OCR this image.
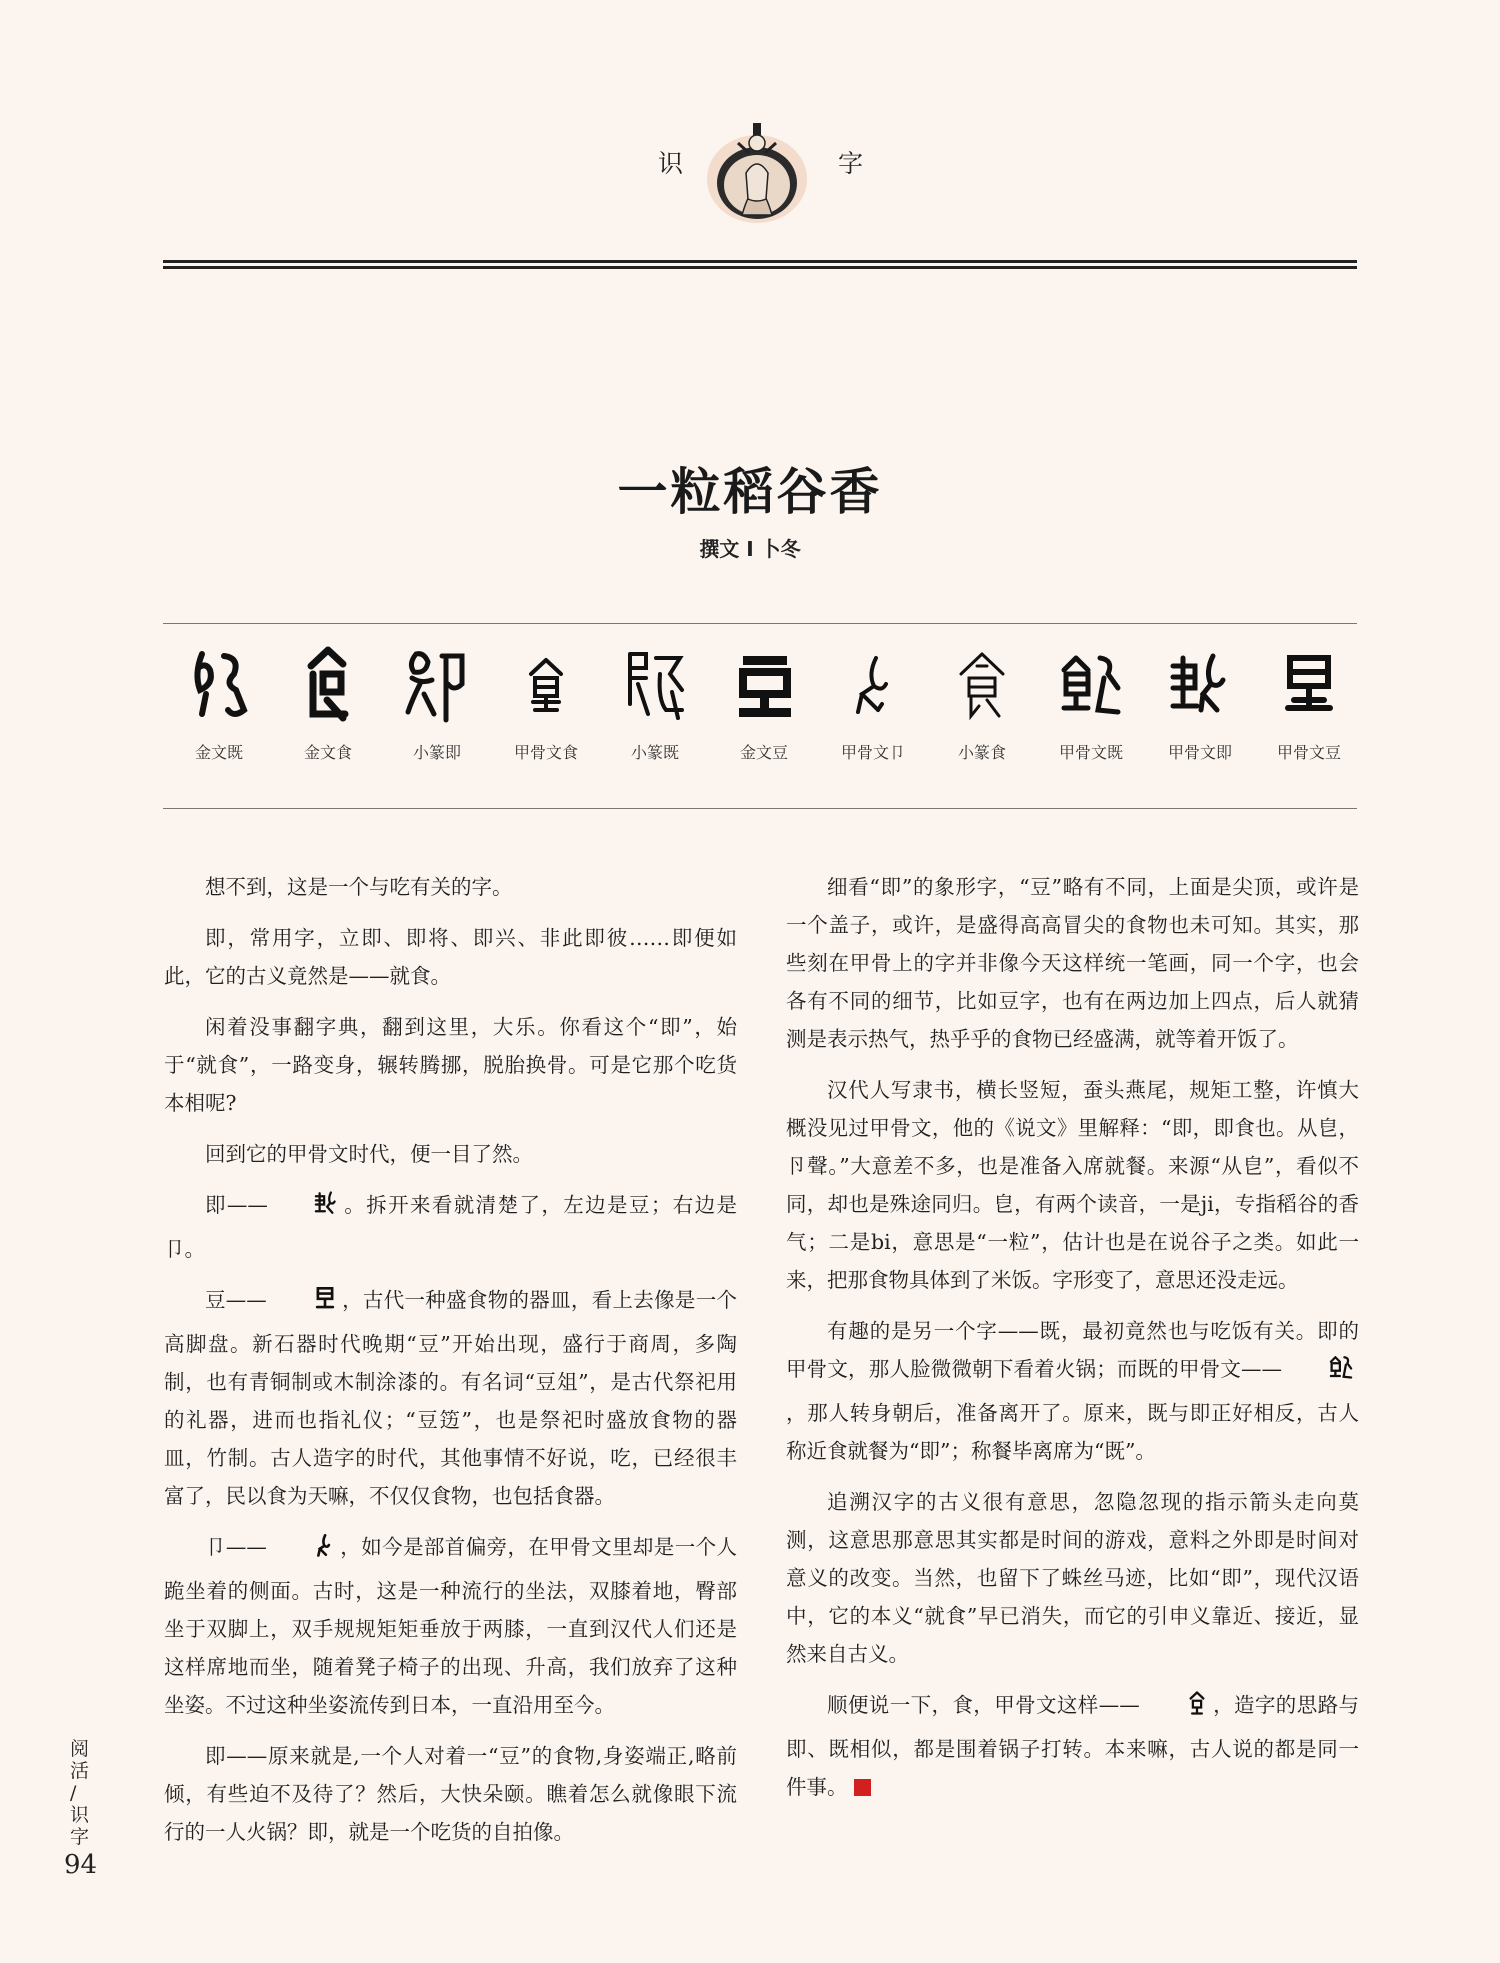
识	字
一粒稻谷香
撰文 I 卜冬
金文既	金文食	小篆即	甲骨文食	小篆既	金文豆	甲骨文卩	小篆食	甲骨文既	甲骨文即	甲骨文豆

想不到，这是一个与吃有关的字。

即，常用字，立即、即将、即兴、非此即彼……即便如此，它的古义竟然是——就食。

闲着没事翻字典，翻到这里，大乐。你看这个“即”，始于“就食”，一路变身，辗转腾挪，脱胎换骨。可是它那个吃货本相呢?

回到它的甲骨文时代，便一目了然。

即——	。拆开来看就清楚了，左边是豆；右边是卩。

豆——	，古代一种盛食物的器皿，看上去像是一个高脚盘。新石器时代晚期“豆”开始出现，盛行于商周，多陶制，也有青铜制或木制涂漆的。有名词“豆俎”，是古代祭祀用的礼器，进而也指礼仪；“豆笾”，也是祭祀时盛放食物的器皿，竹制。古人造字的时代，其他事情不好说，吃，已经很丰富了，民以食为天嘛，不仅仅食物，也包括食器。

卩——	，如今是部首偏旁，在甲骨文里却是一个人跪坐着的侧面。古时，这是一种流行的坐法，双膝着地，臀部坐于双脚上，双手规规矩矩垂放于两膝，一直到汉代人们还是这样席地而坐，随着凳子椅子的出现、升高，我们放弃了这种坐姿。不过这种坐姿流传到日本，一直沿用至今。

即——原来就是,一个人对着一“豆”的食物,身姿端正,略前倾，有些迫不及待了？然后，大快朵颐。瞧着怎么就像眼下流行的一人火锅？即，就是一个吃货的自拍像。

细看“即”的象形字，“豆”略有不同，上面是尖顶，或许是一个盖子，或许，是盛得高高冒尖的食物也未可知。其实，那些刻在甲骨上的字并非像今天这样统一笔画，同一个字，也会各有不同的细节，比如豆字，也有在两边加上四点，后人就猜测是表示热气，热乎乎的食物已经盛满，就等着开饭了。

汉代人写隶书，横长竖短，蚕头燕尾，规矩工整，许慎大概没见过甲骨文，他的《说文》里解释：“即，即食也。从皀，卪聲。”大意差不多，也是准备入席就餐。来源“从皀”，看似不同，却也是殊途同归。皀，有两个读音，一是ji，专指稻谷的香气；二是bi，意思是“一粒”，估计也是在说谷子之类。如此一来，把那食物具体到了米饭。字形变了，意思还没走远。

有趣的是另一个字——既，最初竟然也与吃饭有关。即的甲骨文，那人脸微微朝下看着火锅；而既的甲骨文——，那人转身朝后，准备离开了。原来，既与即正好相反，古人称近食就餐为“即”；称餐毕离席为“既”。

追溯汉字的古义很有意思，忽隐忽现的指示箭头走向莫测，这意思那意思其实都是时间的游戏，意料之外即是时间对意义的改变。当然，也留下了蛛丝马迹，比如“即”，现代汉语中，它的本义“就食”早已消失，而它的引申义靠近、接近，显然来自古义。

顺便说一下，食，甲骨文这样——	，造字的思路与即、既相似，都是围着锅子打转。本来嘛，古人说的都是同一件事。

阅
活
/
识
字
94
